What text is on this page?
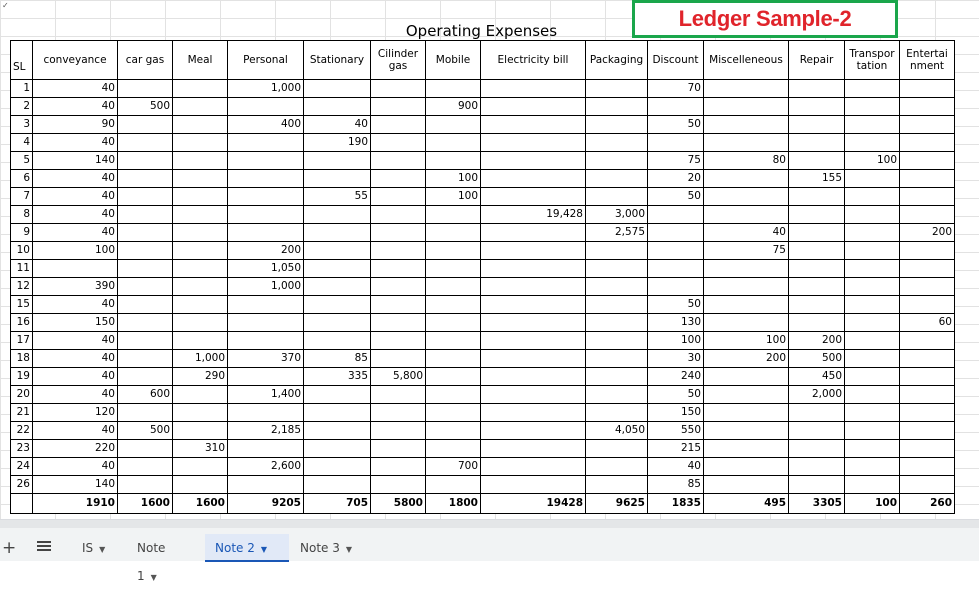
✓
Operating Expenses	Ledger Sample-2
SL	conveyance	car gas	Meal	Personal	Stationary	Cilinder gas	Mobile	Electricity bill	Packaging	Discount	Miscelleneous	Repair	Transpor tation	Entertai nment
1	40			1,000						70				
2	40	500					900							
3	90			400	40					50				
4	40				190									
5	140									75	80		100	
6	40						100			20		155		
7	40				55		100			50				
8	40							19,428	3,000					
9	40								2,575		40			200
10	100			200							75			
11				1,050										
12	390			1,000										
15	40									50				
16	150									130				60
17	40									100	100	200		
18	40		1,000	370	85					30	200	500		
19	40		290		335	5,800				240		450		
20	40	600		1,400						50		2,000		
21	120									150				
22	40	500		2,185					4,050	550				
23	220		310							215				
24	40			2,600			700			40				
26	140									85				
	1910	1600	1600	9205	705	5800	1800	19428	9625	1835	495	3305	100	260
+	IS ▼	Note 1 ▼
Note 2 ▼	Note 3 ▼
